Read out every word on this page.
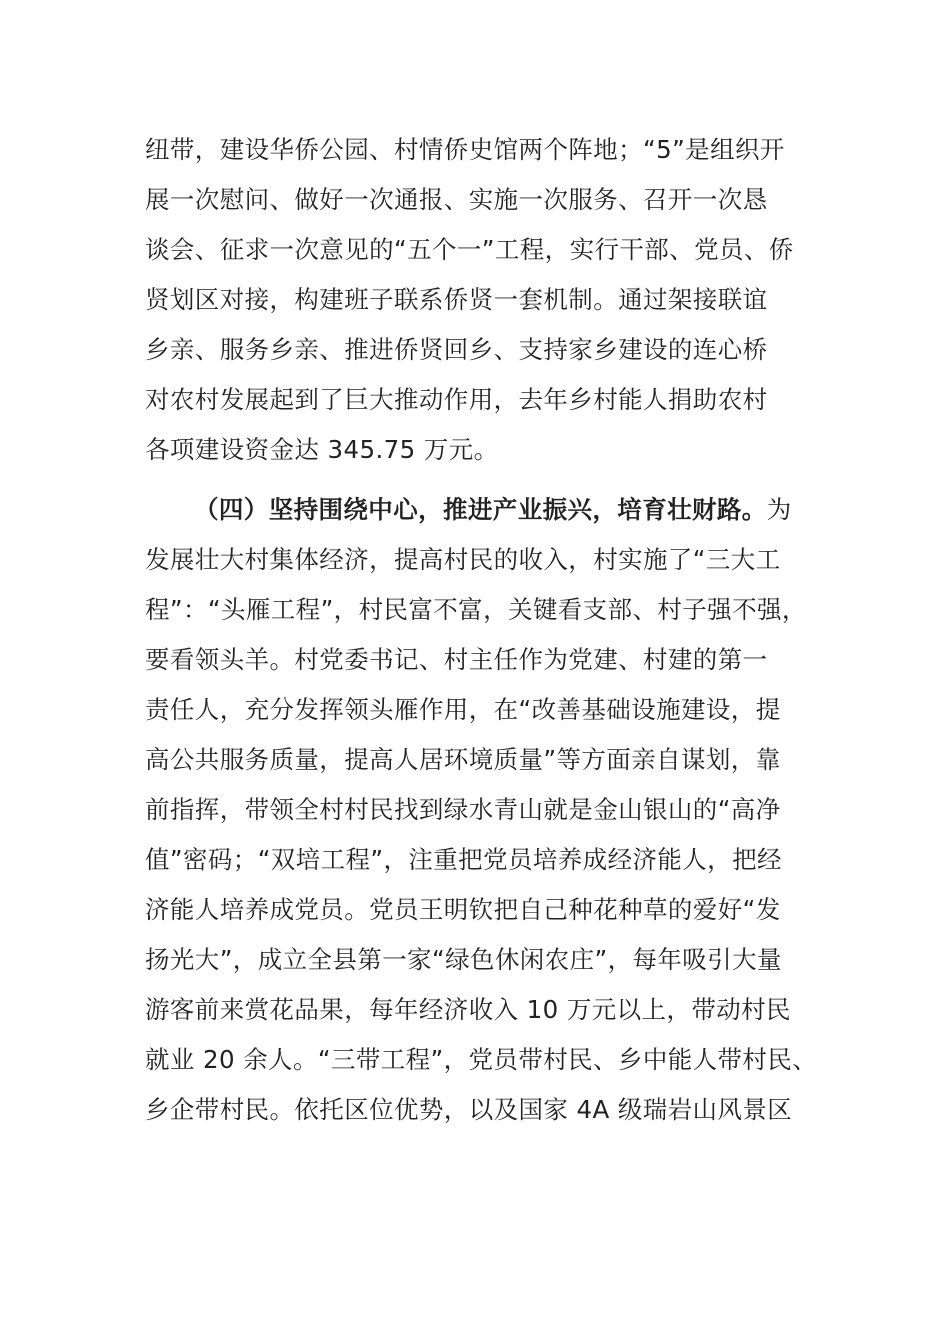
纽带，建设华侨公园、村情侨史馆两个阵地；“5”是组织开
展一次慰问、做好一次通报、实施一次服务、召开一次恳
谈会、征求一次意见的“五个一”工程，实行干部、党员、侨
贤划区对接，构建班子联系侨贤一套机制。通过架接联谊
乡亲、服务乡亲、推进侨贤回乡、支持家乡建设的连心桥
对农村发展起到了巨大推动作用，去年乡村能人捐助农村
各项建设资金达 345.75 万元。
（四）坚持围绕中心，推进产业振兴，培育壮财路。为
发展壮大村集体经济，提高村民的收入，村实施了“三大工
程”：“头雁工程”，村民富不富，关键看支部、村子强不强，
要看领头羊。村党委书记、村主任作为党建、村建的第一
责任人，充分发挥领头雁作用，在“改善基础设施建设，提
高公共服务质量，提高人居环境质量”等方面亲自谋划，靠
前指挥，带领全村村民找到绿水青山就是金山银山的“高净
值”密码；“双培工程”，注重把党员培养成经济能人，把经
济能人培养成党员。党员王明钦把自己种花种草的爱好“发
扬光大”，成立全县第一家“绿色休闲农庄”，每年吸引大量
游客前来赏花品果，每年经济收入 10 万元以上，带动村民
就业 20 余人。“三带工程”，党员带村民、乡中能人带村民、
乡企带村民。依托区位优势，以及国家 4A 级瑞岩山风景区
